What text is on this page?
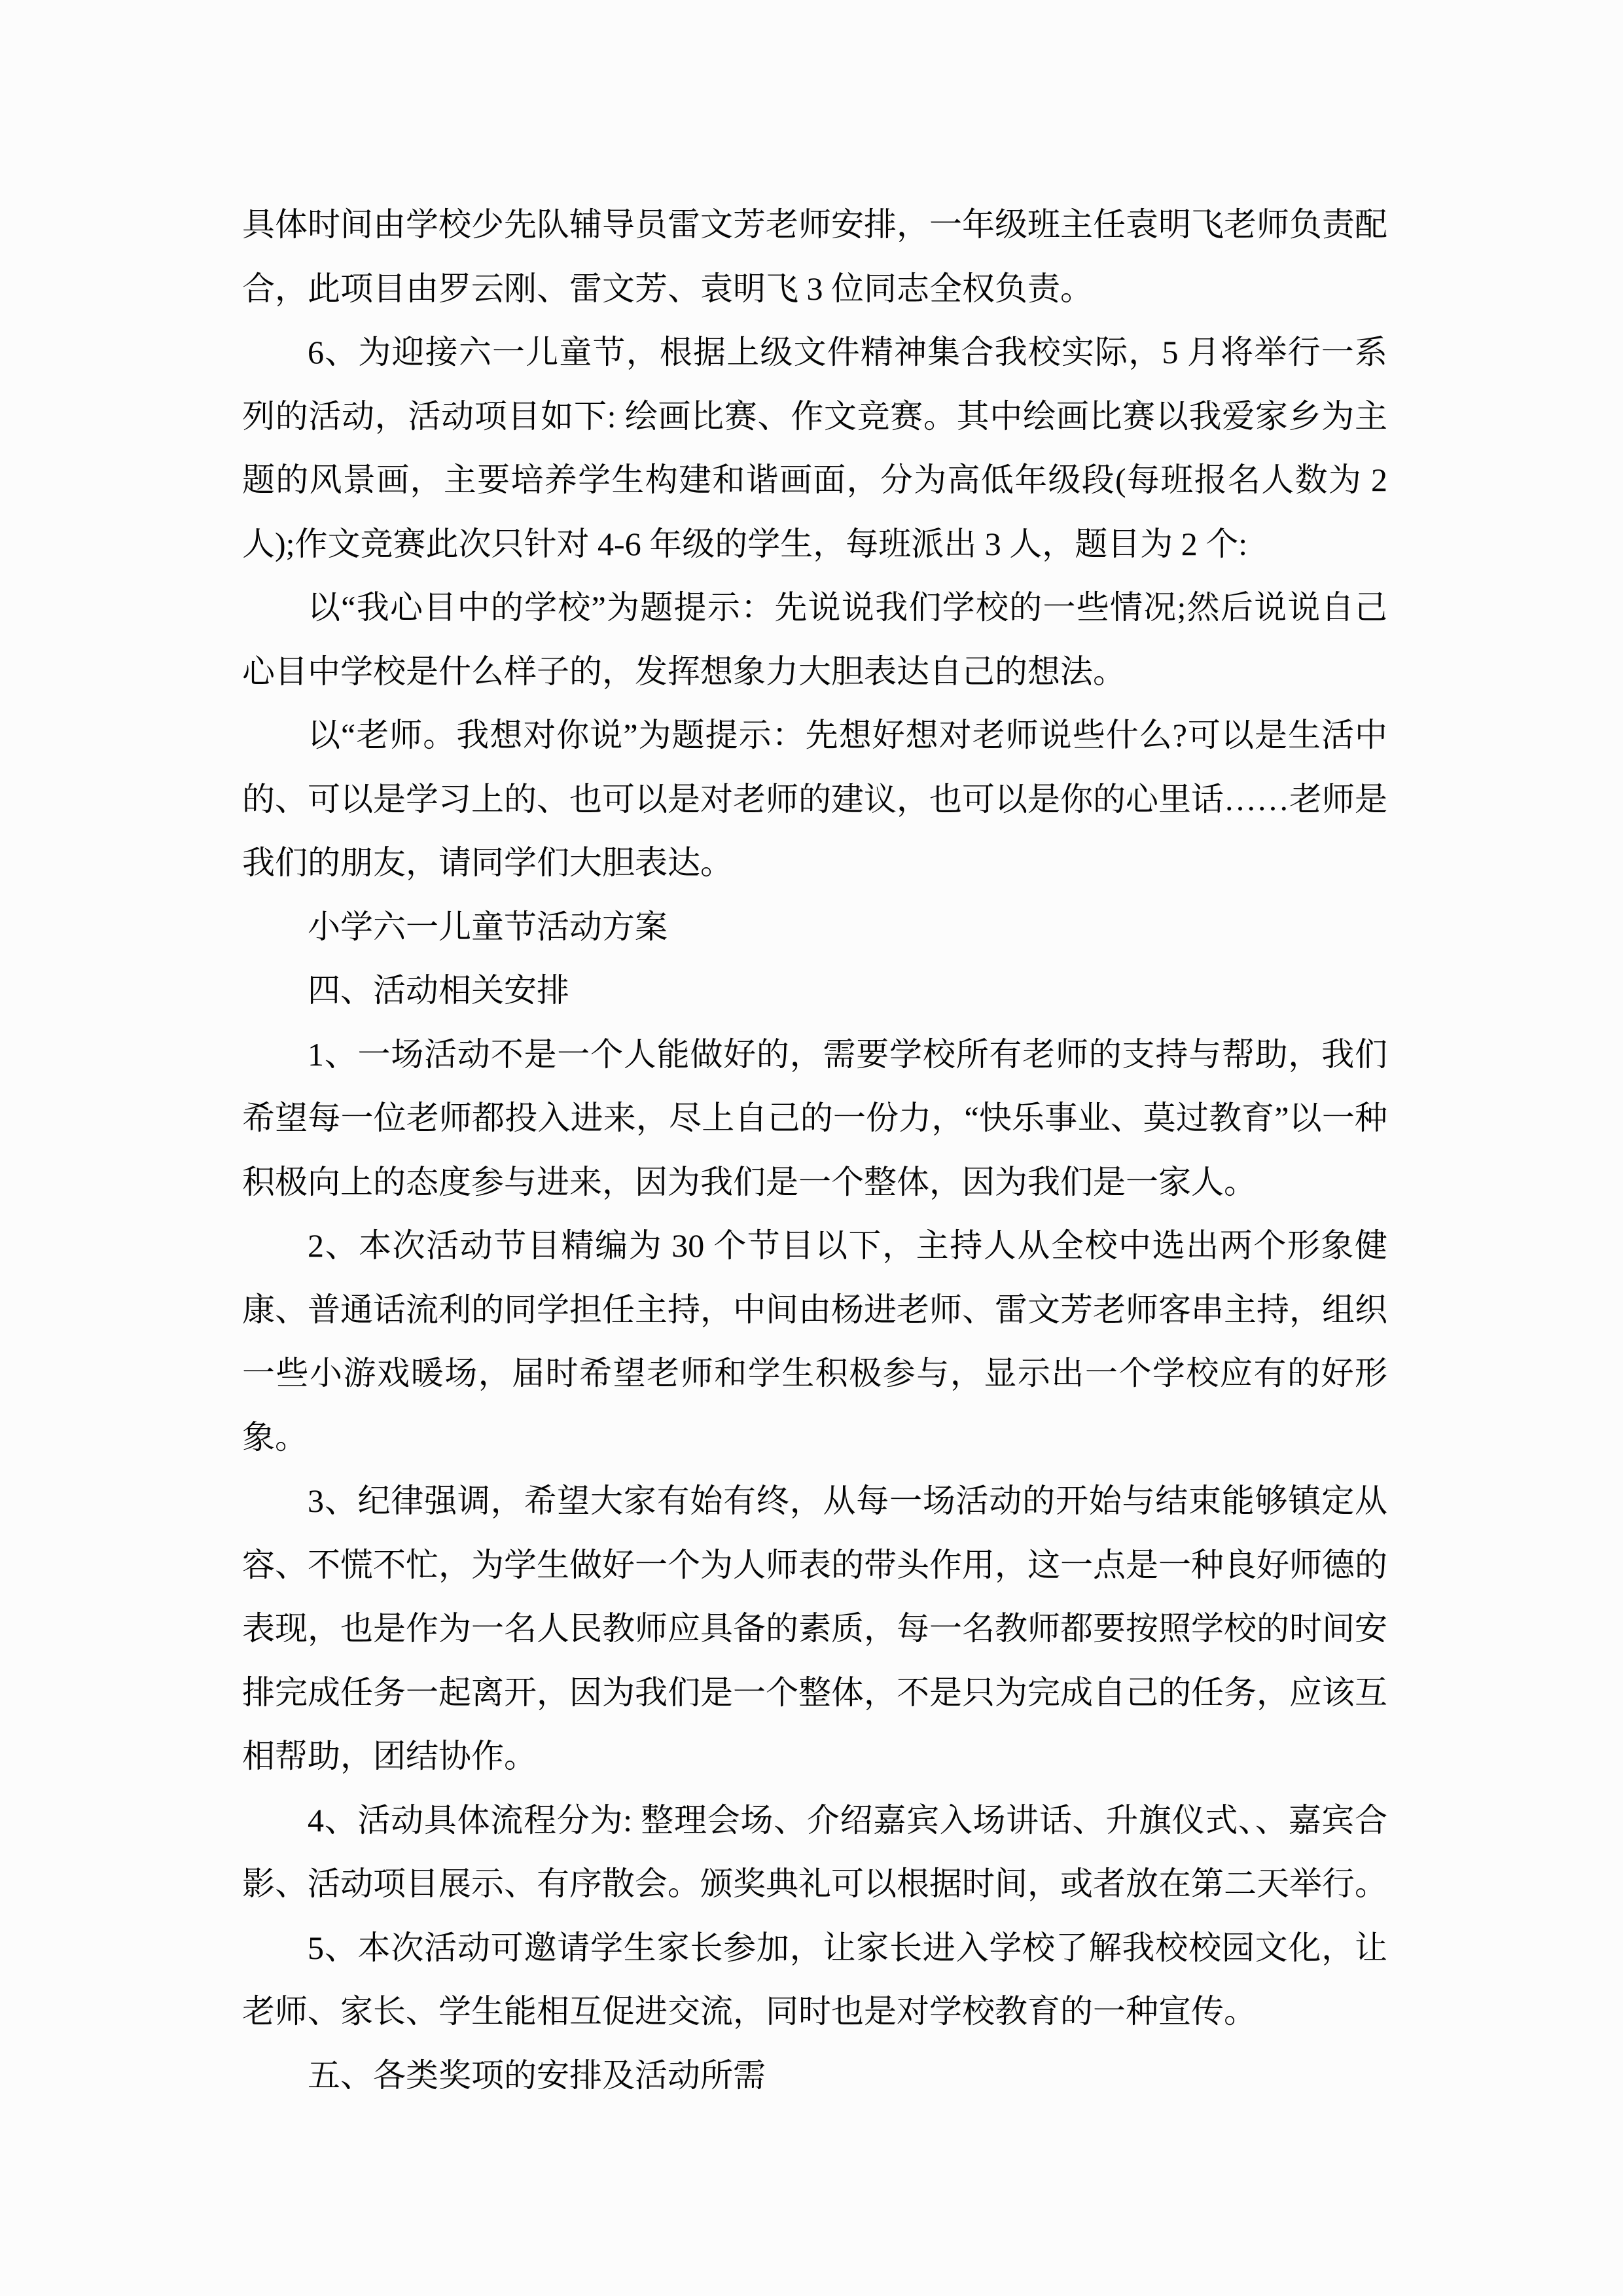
具体时间由学校少先队辅导员雷文芳老师安排，一年级班主任袁明飞老师负责配合，此项目由罗云刚、雷文芳、袁明飞 3 位同志全权负责。

6、为迎接六一儿童节，根据上级文件精神集合我校实际，5 月将举行一系列的活动，活动项目如下: 绘画比赛、作文竞赛。其中绘画比赛以我爱家乡为主题的风景画，主要培养学生构建和谐画面，分为高低年级段(每班报名人数为 2 人);作文竞赛此次只针对 4-6 年级的学生，每班派出 3 人，题目为 2 个:

以“我心目中的学校”为题提示：先说说我们学校的一些情况;然后说说自己心目中学校是什么样子的，发挥想象力大胆表达自己的想法。

以“老师。我想对你说”为题提示：先想好想对老师说些什么?可以是生活中的、可以是学习上的、也可以是对老师的建议，也可以是你的心里话……老师是我们的朋友，请同学们大胆表达。

小学六一儿童节活动方案

四、活动相关安排

1、一场活动不是一个人能做好的，需要学校所有老师的支持与帮助，我们希望每一位老师都投入进来，尽上自己的一份力，“快乐事业、莫过教育”以一种积极向上的态度参与进来，因为我们是一个整体，因为我们是一家人。

2、本次活动节目精编为 30 个节目以下，主持人从全校中选出两个形象健康、普通话流利的同学担任主持，中间由杨进老师、雷文芳老师客串主持，组织一些小游戏暖场，届时希望老师和学生积极参与，显示出一个学校应有的好形象。

3、纪律强调，希望大家有始有终，从每一场活动的开始与结束能够镇定从容、不慌不忙，为学生做好一个为人师表的带头作用，这一点是一种良好师德的表现，也是作为一名人民教师应具备的素质，每一名教师都要按照学校的时间安排完成任务一起离开，因为我们是一个整体，不是只为完成自己的任务，应该互相帮助，团结协作。

4、活动具体流程分为: 整理会场、介绍嘉宾入场讲话、升旗仪式、、嘉宾合影、活动项目展示、有序散会。颁奖典礼可以根据时间，或者放在第二天举行。

5、本次活动可邀请学生家长参加，让家长进入学校了解我校校园文化，让老师、家长、学生能相互促进交流，同时也是对学校教育的一种宣传。

五、各类奖项的安排及活动所需
